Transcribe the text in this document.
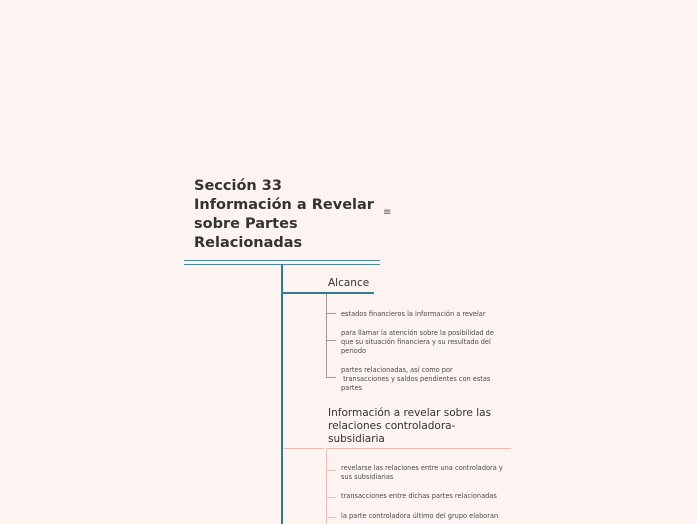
Sección 33
Información a Revelar
sobre Partes
Relacionadas
≡
Alcance
estados financieros la información a revelar
para llamar la atención sobre la posibilidad de
que su situación financiera y su resultado del
periodo
partes relacionadas, así como por
transacciones y saldos pendientes con estas
partes
Información a revelar sobre las
relaciones controladora-
subsidiaria
revelarse las relaciones entre una controladora y
sus subsidiarias
transacciones entre dichas partes relacionadas
la parte controladora último del grupo elaboran
